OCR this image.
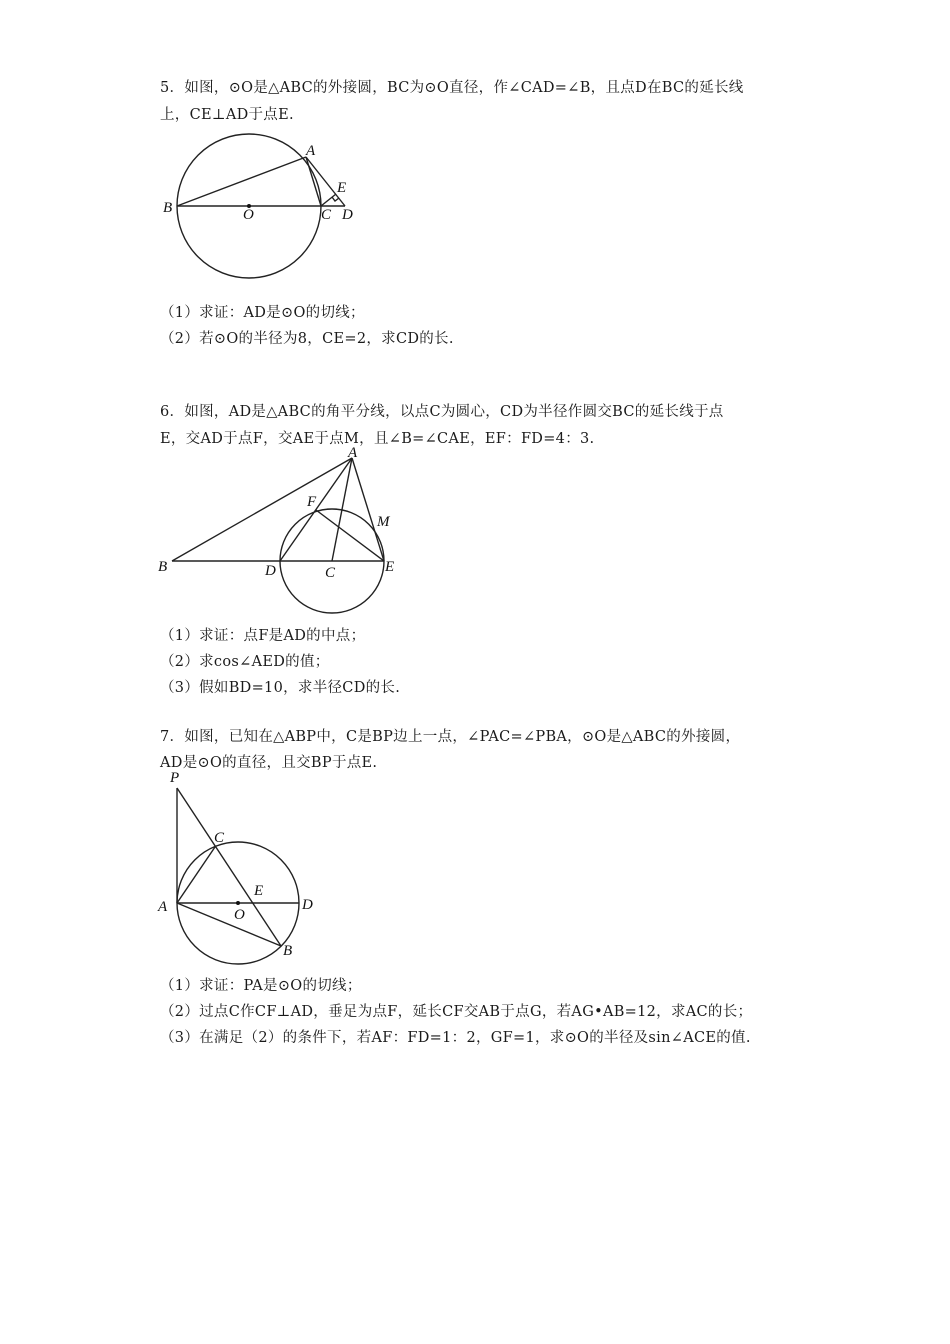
5．如图，⊙O是△ABC的外接圆，BC为⊙O直径，作∠CAD=∠B，且点D在BC的延长线
上，CE⊥AD于点E.
A
B	O	C D
E
（1）求证：AD是⊙O的切线；
（2）若⊙O的半径为8，CE=2，求CD的长.
6．如图，AD是△ABC的角平分线，以点C为圆心，CD为半径作圆交BC的延长线于点
E，交AD于点F，交AE于点M，且∠B=∠CAE，EF：FD=4：3.
A
F
M
B	D	C	E
（1）求证：点F是AD的中点；
（2）求cos∠AED的值；
（3）假如BD=10，求半径CD的长.
7．如图，已知在△ABP中，C是BP边上一点，∠PAC=∠PBA，⊙O是△ABC的外接圆，
AD是⊙O的直径，且交BP于点E.
P
C
E
A	O
D
B
（1）求证：PA是⊙O的切线；
（2）过点C作CF⊥AD，垂足为点F，延长CF交AB于点G，若AG•AB=12，求AC的长；
（3）在满足（2）的条件下，若AF：FD=1：2，GF=1，求⊙O的半径及sin∠ACE的值.
